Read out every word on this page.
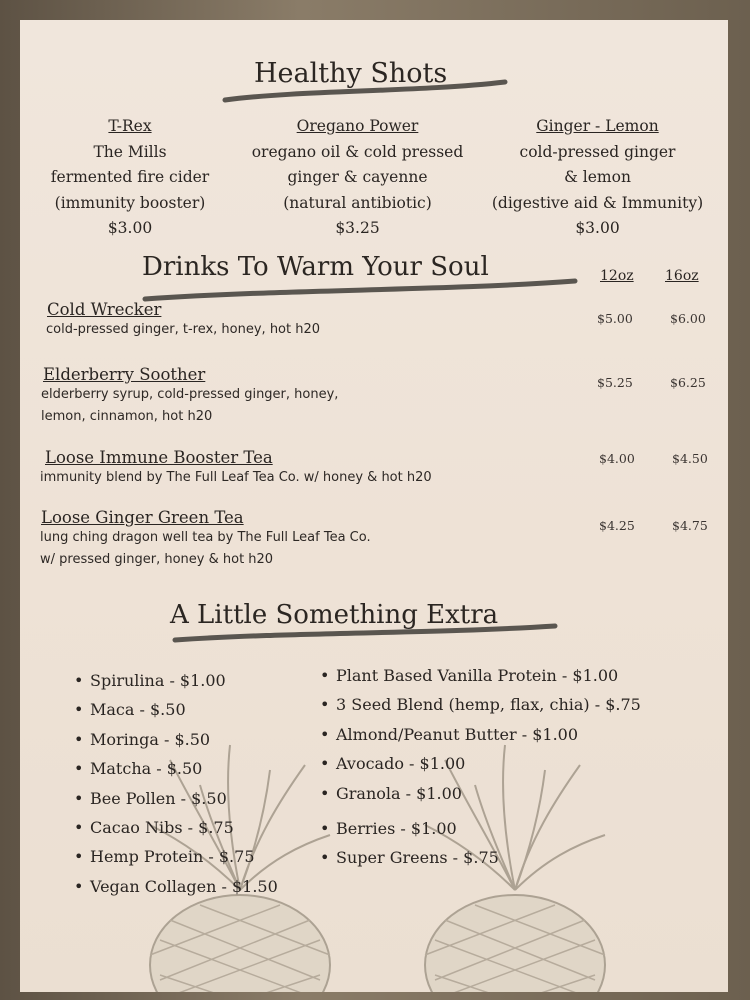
Healthy Shots
T-Rex
The Mills
fermented fire cider
(immunity booster)
$3.00
Oregano Power
oregano oil & cold pressed
ginger & cayenne
(natural antibiotic)
$3.25
Ginger - Lemon
cold-pressed ginger
& lemon
(digestive aid & Immunity)
$3.00
Drinks To Warm Your Soul	12oz 16oz
Cold Wrecker
cold-pressed ginger, t-rex, honey, hot h20
$5.00	$6.00
Elderberry Soother
elderberry syrup, cold-pressed ginger, honey,
lemon, cinnamon, hot h20
$5.25	$6.25
Loose Immune Booster Tea
immunity blend by The Full Leaf Tea Co. w/ honey & hot h20
$4.00	$4.50
Loose Ginger Green Tea
lung ching dragon well tea by The Full Leaf Tea Co.
w/ pressed ginger, honey & hot h20
$4.25	$4.75
A Little Something Extra
• Spirulina - $1.00
• Maca - $.50
• Moringa - $.50
• Matcha - $.50
• Bee Pollen - $.50
• Cacao Nibs - $.75
• Hemp Protein - $.75
• Vegan Collagen - $1.50
• Plant Based Vanilla Protein - $1.00
• 3 Seed Blend (hemp, flax, chia) - $.75
• Almond/Peanut Butter - $1.00
• Avocado - $1.00
• Granola - $1.00
• Berries - $1.00
• Super Greens - $.75
